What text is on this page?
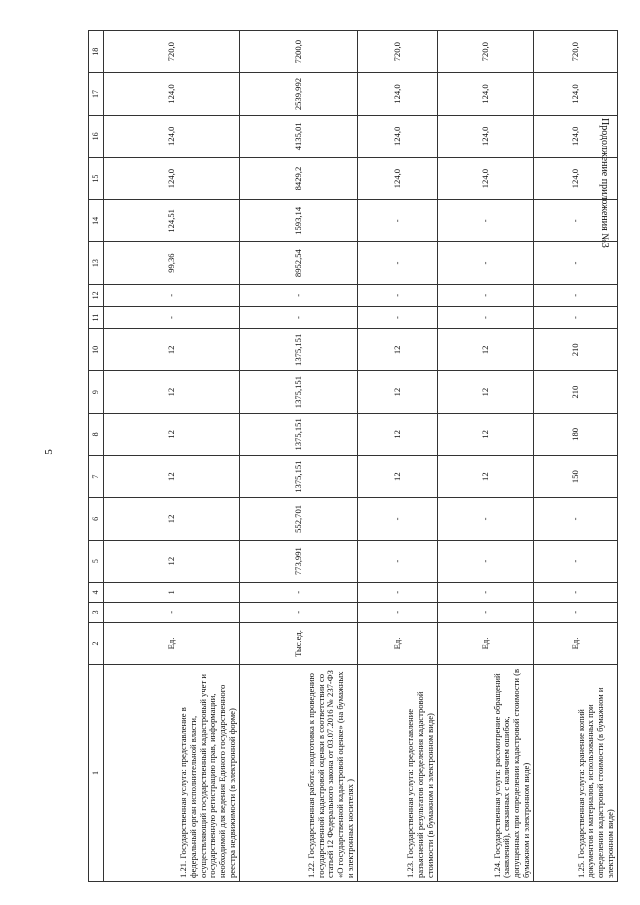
5
Продолжение приложения №3
1	2	3	4	5	6	7	8	9	10	11	12	13	14	15	16	17	18
1.21. Государственная услуга: представление в федеральный орган исполнительной власти, осуществляющий государственный кадастровый учет и государственную регистрацию прав, информации, необходимой для ведения Единого государственного реестра недвижимости (в электронной форме)	Ед.	-	1	12	12	12	12	12	12	-	-	99,36	124,51	124,0	124,0	124,0	720,0
1.22. Государственная работа: подготовка к проведению государственной кадастровой оценки в соответствии со статьей 12 Федерального закона от 03.07.2016 № 237-ФЗ «О государственной кадастровой оценке» (на бумажных и электронных носителях )	Тыс.ед.	-	-	773,991	552,701	1375,151	1375,151	1375,151	1375,151	-	-	8952,54	1593,14	8429,2	4135,01	2539,992	7200,0
1.23. Государственная услуга: предоставление разъяснений результатов определения кадастровой стоимости (в бумажном и электронном виде)	Ед.	-	-	-	-	12	12	12	12	-	-	-	-	124,0	124,0	124,0	720,0
1.24. Государственная услуга: рассмотрение обращений (заявлений), связанных с наличием ошибок, допущенных при определении кадастровой стоимости (в бумажном и электронном виде)	Ед.	-	-	-	-	12	12	12	12	-	-	-	-	124,0	124,0	124,0	720,0
1.25. Государственная услуга: хранение копий документов и материалов, использованных при определении кадастровой стоимости (в бумажном и электронном виде)	Ед.	-	-	-	-	150	180	210	210	-	-	-	-	124,0	124,0	124,0	720,0
